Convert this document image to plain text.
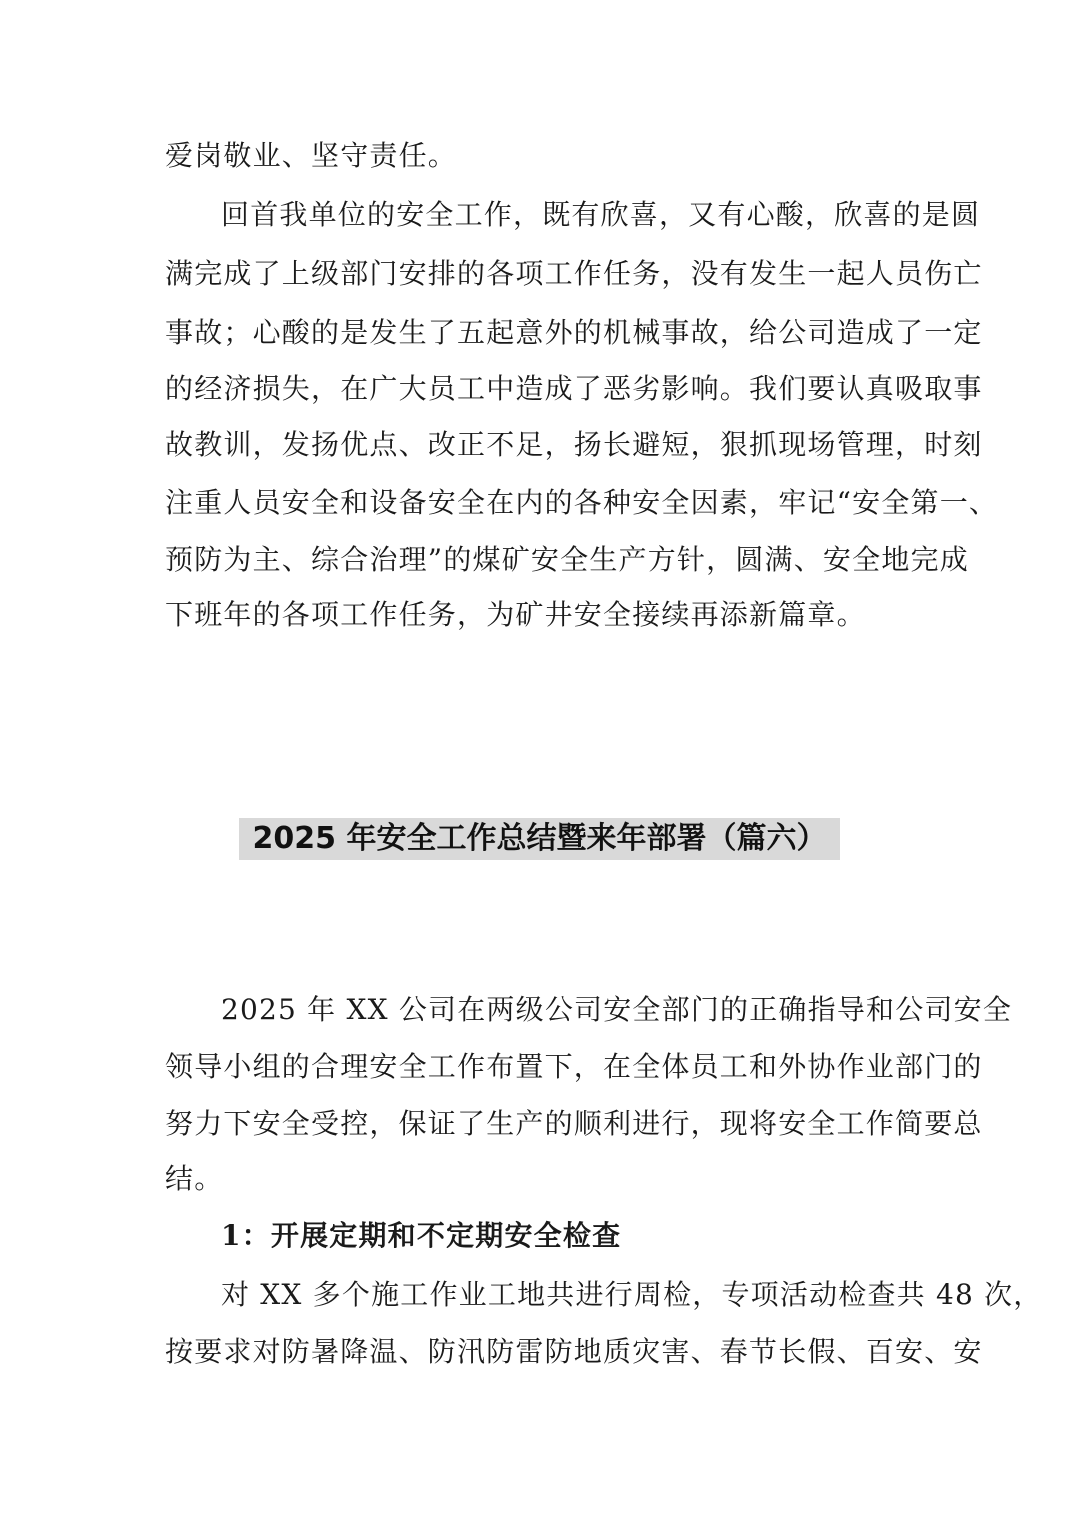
爱岗敬业、坚守责任。
回首我单位的安全工作，既有欣喜，又有心酸，欣喜的是圆
满完成了上级部门安排的各项工作任务，没有发生一起人员伤亡
事故；心酸的是发生了五起意外的机械事故，给公司造成了一定
的经济损失，在广大员工中造成了恶劣影响。我们要认真吸取事
故教训，发扬优点、改正不足，扬长避短，狠抓现场管理，时刻
注重人员安全和设备安全在内的各种安全因素，牢记“安全第一、
预防为主、综合治理”的煤矿安全生产方针，圆满、安全地完成
下班年的各项工作任务，为矿井安全接续再添新篇章。
2025 年安全工作总结暨来年部署（篇六）
2025 年 XX 公司在两级公司安全部门的正确指导和公司安全
领导小组的合理安全工作布置下，在全体员工和外协作业部门的
努力下安全受控，保证了生产的顺利进行，现将安全工作简要总
结。
1：开展定期和不定期安全检查
对 XX 多个施工作业工地共进行周检，专项活动检查共 48 次，
按要求对防暑降温、防汛防雷防地质灾害、春节长假、百安、安
